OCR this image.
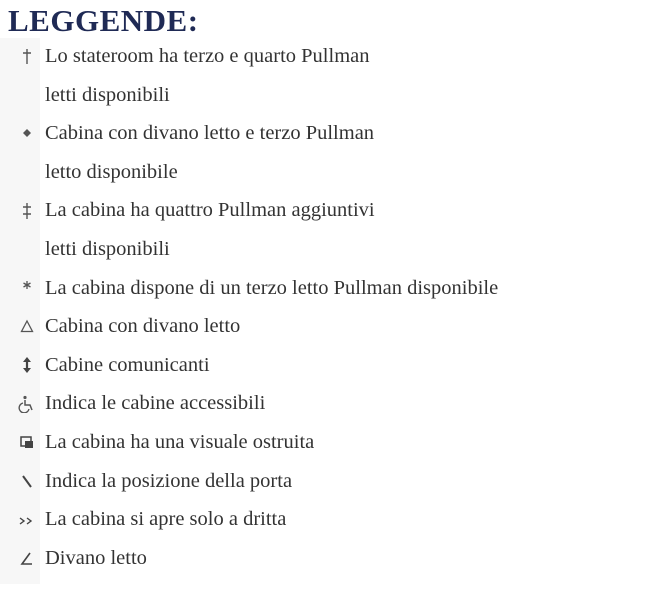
LEGGENDE:
Lo stateroom ha terzo e quarto Pullman
letti disponibili
Cabina con divano letto e terzo Pullman
letto disponibile
La cabina ha quattro Pullman aggiuntivi
letti disponibili
La cabina dispone di un terzo letto Pullman disponibile
Cabina con divano letto
Cabine comunicanti
Indica le cabine accessibili
La cabina ha una visuale ostruita
Indica la posizione della porta
La cabina si apre solo a dritta
Divano letto
